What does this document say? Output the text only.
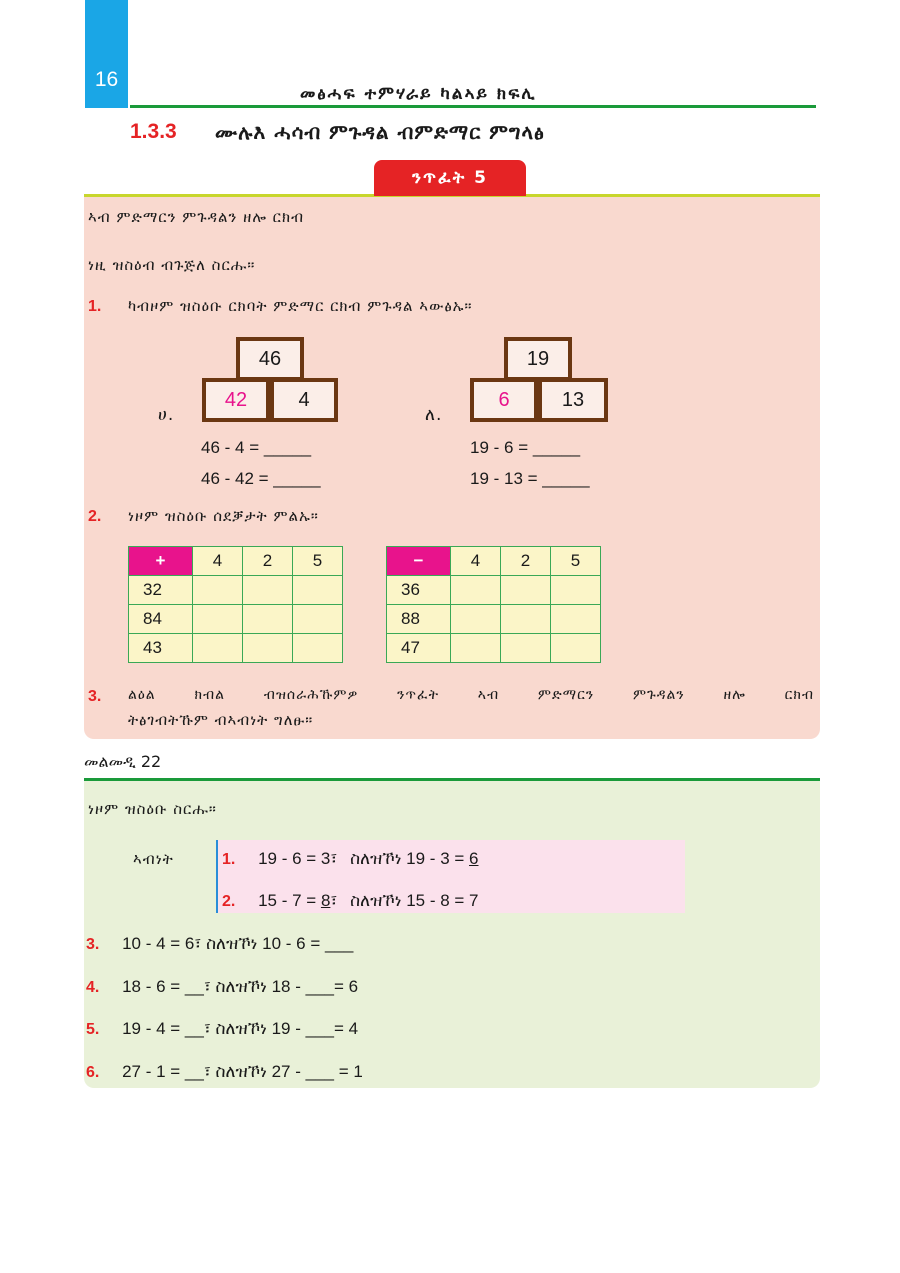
16
መፅሓፍ ተምሃራይ ካልኣይ ክፍሊ
1.3.3 ሙሉእ ሓሳብ ምጉዳል ብምድማር ምግላፅ
ንጥፈት 5
ኣብ ምድማርን ምጉዳልን ዘሎ ርክብ
ነዚ ዝስዕብ ብጉጅለ ስርሑ።
1. ካብዞም ዝስዕቡ ርክባት ምድማር ርክብ ምጉዳል ኣውፅኡ።
ሀ.
46
42	4
46 - 4 = _____
46 - 42 = _____
ለ.
19
6	13
19 - 6 = _____
19 - 13 = _____
2. ነዞም ዝስዕቡ ሰደቓታት ምልኡ።
+	4	2	5
32			
84			
43			
−	4	2	5
36			
88			
47			
3. ልዕል ክብል ብዝሰራሕኹምዎ ንጥፈት ኣብ ምድማርን ምጉዳልን ዘሎ ርክብ
ትፅገብትኹም ብኣብነት ግለፁ።
መልመዲ 22
ነዞም ዝስዕቡ ስርሑ።
ኣብነት	1. 19 - 6 = 3፣ ስለዝኾነ 19 - 3 = 6
2. 15 - 7 = 8፣ ስለዝኾነ 15 - 8 = 7
3. 10 - 4 = 6፣ ስለዝኾነ 10 - 6 = ___
4. 18 - 6 = __፣ ስለዝኾነ 18 - ___= 6
5. 19 - 4 = __፣ ስለዝኾነ 19 - ___= 4
6. 27 - 1 = __፣ ስለዝኾነ 27 - ___ = 1
